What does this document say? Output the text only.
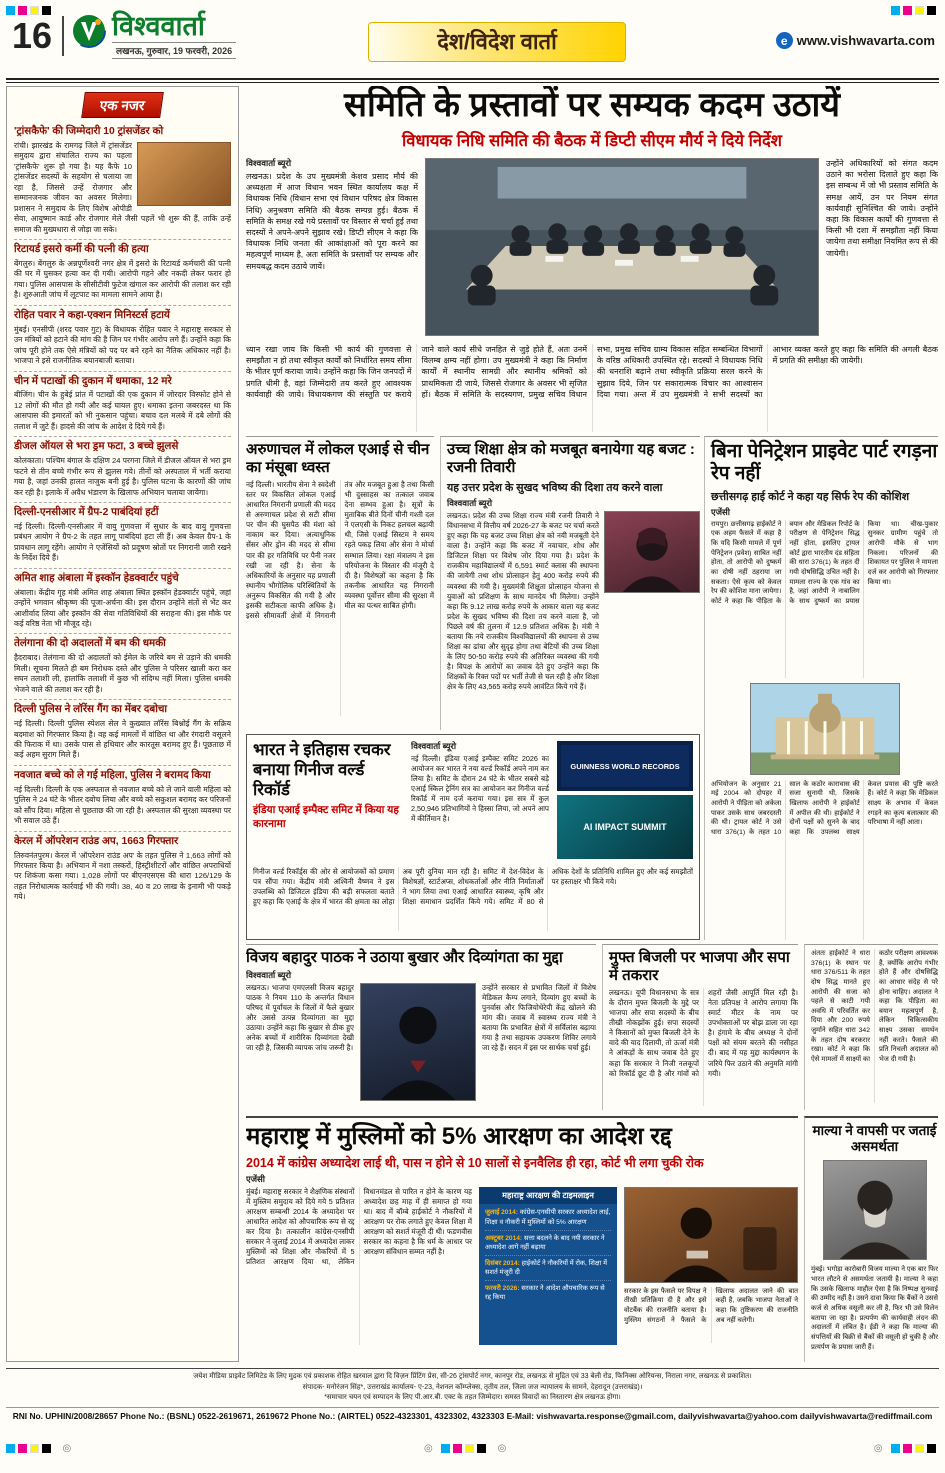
16	विश्ववार्ता
लखनऊ, गुरुवार, 19 फरवरी, 2026	देश/विदेश वार्ता	e www.vishwavarta.com
एक नजर
'ट्रांसकैफे' की जिम्मेदारी 10 ट्रांसजेंडर को

रांची। झारखंड के रामगढ़ जिले में ट्रांसजेंडर समुदाय द्वारा संचालित राज्य का पहला 'ट्रांसकैफे' शुरू हो गया है। यह कैफे 10 ट्रांसजेंडर सदस्यों के सहयोग से चलाया जा रहा है, जिससे उन्हें रोजगार और सम्मानजनक जीवन का अवसर मिलेगा। प्रशासन ने समुदाय के लिए विशेष ओपीडी सेवा, आयुष्मान कार्ड और रोजगार मेले जैसी पहलें भी शुरू की हैं, ताकि उन्हें समाज की मुख्यधारा से जोड़ा जा सके।

रिटायर्ड इसरो कर्मी की पत्नी की हत्या

बेंगलुरु। बेंगलुरु के अन्नपूर्णेश्वरी नगर क्षेत्र में इसरो के रिटायर्ड कर्मचारी की पत्नी की घर में घुसकर हत्या कर दी गयी। आरोपी गहने और नकदी लेकर फरार हो गया। पुलिस आसपास के सीसीटीवी फुटेज खंगाल कर आरोपी की तलाश कर रही है। शुरुआती जांच में लूटपाट का मामला सामने आया है।

रोहित पवार ने कहा-एक्शन मिनिस्टर्स हटायें

मुंबई। एनसीपी (शरद पवार गुट) के विधायक रोहित पवार ने महाराष्ट्र सरकार से उन मंत्रियों को हटाने की मांग की है जिन पर गंभीर आरोप लगे हैं। उन्होंने कहा कि जांच पूरी होने तक ऐसे मंत्रियों को पद पर बने रहने का नैतिक अधिकार नहीं है। भाजपा ने इसे राजनीतिक बयानबाजी बताया।

चीन में पटाखों की दुकान में धमाका, 12 मरे

बीजिंग। चीन के हुबेई प्रांत में पटाखों की एक दुकान में जोरदार विस्फोट होने से 12 लोगों की मौत हो गयी और कई घायल हुए। धमाका इतना जबरदस्त था कि आसपास की इमारतों को भी नुकसान पहुंचा। बचाव दल मलबे में दबे लोगों की तलाश में जुटे हैं। हादसे की जांच के आदेश दे दिये गये हैं।

डीजल ऑयल से भरा ड्रम फटा, 3 बच्चे झुलसे

कोलकाता। पश्चिम बंगाल के दक्षिण 24 परगना जिले में डीजल ऑयल से भरा ड्रम फटने से तीन बच्चे गंभीर रूप से झुलस गये। तीनों को अस्पताल में भर्ती कराया गया है, जहां उनकी हालत नाजुक बनी हुई है। पुलिस घटना के कारणों की जांच कर रही है। इलाके में अवैध भंडारण के खिलाफ अभियान चलाया जायेगा।

दिल्ली-एनसीआर में ग्रैप-2 पाबंदियां हटीं

नई दिल्ली। दिल्ली-एनसीआर में वायु गुणवत्ता में सुधार के बाद वायु गुणवत्ता प्रबंधन आयोग ने ग्रैप-2 के तहत लागू पाबंदियां हटा ली हैं। अब केवल ग्रैप-1 के प्रावधान लागू रहेंगे। आयोग ने एजेंसियों को प्रदूषण स्रोतों पर निगरानी जारी रखने के निर्देश दिये हैं।

अमित शाह अंबाला में इस्कॉन हेडक्वार्टर पहुंचे

अंबाला। केंद्रीय गृह मंत्री अमित शाह अंबाला स्थित इस्कॉन हेडक्वार्टर पहुंचे, जहां उन्होंने भगवान श्रीकृष्ण की पूजा-अर्चना की। इस दौरान उन्होंने संतों से भेंट कर आशीर्वाद लिया और इस्कॉन की सेवा गतिविधियों की सराहना की। इस मौके पर कई वरिष्ठ नेता भी मौजूद रहे।

तेलंगाना की दो अदालतों में बम की धमकी

हैदराबाद। तेलंगाना की दो अदालतों को ईमेल के जरिये बम से उड़ाने की धमकी मिली। सूचना मिलते ही बम निरोधक दस्ते और पुलिस ने परिसर खाली करा कर सघन तलाशी ली, हालांकि तलाशी में कुछ भी संदिग्ध नहीं मिला। पुलिस धमकी भेजने वाले की तलाश कर रही है।

दिल्ली पुलिस ने लॉरेंस गैंग का मेंबर दबोचा

नई दिल्ली। दिल्ली पुलिस स्पेशल सेल ने कुख्यात लॉरेंस बिश्नोई गैंग के सक्रिय बदमाश को गिरफ्तार किया है। वह कई मामलों में वांछित था और रंगदारी वसूलने की फिराक में था। उसके पास से हथियार और कारतूस बरामद हुए हैं। पूछताछ में कई अहम सुराग मिले हैं।

नवजात बच्चे को ले गई महिला, पुलिस ने बरामद किया

नई दिल्ली। दिल्ली के एक अस्पताल से नवजात बच्चे को ले जाने वाली महिला को पुलिस ने 24 घंटे के भीतर दबोच लिया और बच्चे को सकुशल बरामद कर परिजनों को सौंप दिया। महिला से पूछताछ की जा रही है। अस्पताल की सुरक्षा व्यवस्था पर भी सवाल उठे हैं।

केरल में ऑपरेशन राउंड अप, 1663 गिरफ्तार

तिरुवनंतपुरम। केरल में 'ऑपरेशन राउंड अप' के तहत पुलिस ने 1,663 लोगों को गिरफ्तार किया है। अभियान में नशा तस्करों, हिस्ट्रीशीटरों और वांछित अपराधियों पर शिकंजा कसा गया। 1,028 लोगों पर बीएनएसएस की धारा 126/129 के तहत निरोधात्मक कार्रवाई भी की गयी। 38, 40 व 20 लाख के इनामी भी पकड़े गये।

समिति के प्रस्तावों पर सम्यक कदम उठायें
विधायक निधि समिति की बैठक में डिप्टी सीएम मौर्य ने दिये निर्देश
विश्ववार्ता ब्यूरो

लखनऊ। प्रदेश के उप मुख्यमंत्री केशव प्रसाद मौर्य की अध्यक्षता में आज विधान भवन स्थित कार्यालय कक्ष में विधायक निधि (विधान सभा एवं विधान परिषद क्षेत्र विकास निधि) अनुश्रवण समिति की बैठक सम्पन्न हुई। बैठक में समिति के समक्ष रखे गये प्रस्तावों पर विस्तार से चर्चा हुई तथा सदस्यों ने अपने-अपने सुझाव रखे। डिप्टी सीएम ने कहा कि विधायक निधि जनता की आकांक्षाओं को पूरा करने का महत्वपूर्ण माध्यम है, अतः समिति के प्रस्तावों पर सम्यक और समयबद्ध कदम उठाये जायें।

उन्होंने अधिकारियों को संगत कदम उठाने का भरोसा दिलाते हुए कहा कि इस सम्बन्ध में जो भी प्रस्ताव समिति के समक्ष आयें, उन पर नियम संगत कार्यवाही सुनिश्चित की जाये। उन्होंने कहा कि विकास कार्यों की गुणवत्ता से किसी भी दशा में समझौता नहीं किया जायेगा तथा समीक्षा नियमित रूप से की जायेगी।

ध्यान रखा जाय कि किसी भी कार्य की गुणवत्ता से समझौता न हो तथा स्वीकृत कार्यों को निर्धारित समय सीमा के भीतर पूर्ण कराया जाये। उन्होंने कहा कि जिन जनपदों में प्रगति धीमी है, वहां जिम्मेदारी तय करते हुए आवश्यक कार्यवाही की जाये। विधायकगण की संस्तुति पर कराये जाने वाले कार्य सीधे जनहित से जुड़े होते हैं, अतः उनमें विलम्ब क्षम्य नहीं होगा। उप मुख्यमंत्री ने कहा कि निर्माण कार्यों में स्थानीय सामग्री और स्थानीय श्रमिकों को प्राथमिकता दी जाये, जिससे रोजगार के अवसर भी सृजित हों। बैठक में समिति के सदस्यगण, प्रमुख सचिव विधान सभा, प्रमुख सचिव ग्राम्य विकास सहित सम्बन्धित विभागों के वरिष्ठ अधिकारी उपस्थित रहे। सदस्यों ने विधायक निधि की धनराशि बढ़ाने तथा स्वीकृति प्रक्रिया सरल करने के सुझाव दिये, जिन पर सकारात्मक विचार का आश्वासन दिया गया। अन्त में उप मुख्यमंत्री ने सभी सदस्यों का आभार व्यक्त करते हुए कहा कि समिति की अगली बैठक में प्रगति की समीक्षा की जायेगी।

अरुणाचल में लोकल एआई से चीन का मंसूबा ध्वस्त

नई दिल्ली। भारतीय सेना ने स्वदेशी स्तर पर विकसित लोकल एआई आधारित निगरानी प्रणाली की मदद से अरुणाचल प्रदेश से सटी सीमा पर चीन की घुसपैठ की मंशा को नाकाम कर दिया। अत्याधुनिक सेंसर और ड्रोन की मदद से सीमा पार की हर गतिविधि पर पैनी नजर रखी जा रही है। सेना के अधिकारियों के अनुसार यह प्रणाली स्थानीय भौगोलिक परिस्थितियों के अनुरूप विकसित की गयी है और इसकी सटीकता काफी अधिक है। इससे सीमावर्ती क्षेत्रों में निगरानी तंत्र और मजबूत हुआ है तथा किसी भी दुस्साहस का तत्काल जवाब देना सम्भव हुआ है। सूत्रों के मुताबिक बीते दिनों चीनी गश्ती दल ने एलएसी के निकट हलचल बढ़ायी थी, जिसे एआई सिस्टम ने समय रहते पकड़ लिया और सेना ने मोर्चा सम्भाल लिया। रक्षा मंत्रालय ने इस परियोजना के विस्तार की मंजूरी दे दी है। विशेषज्ञों का कहना है कि तकनीक आधारित यह निगरानी व्यवस्था पूर्वोत्तर सीमा की सुरक्षा में मील का पत्थर साबित होगी।

उच्च शिक्षा क्षेत्र को मजबूत बनायेगा यह बजट : रजनी तिवारी
यह उत्तर प्रदेश के सुखद भविष्य की दिशा तय करने वाला
विश्ववार्ता ब्यूरो

लखनऊ। प्रदेश की उच्च शिक्षा राज्य मंत्री रजनी तिवारी ने विधानसभा में वित्तीय वर्ष 2026-27 के बजट पर चर्चा करते हुए कहा कि यह बजट उच्च शिक्षा क्षेत्र को नयी मजबूती देने वाला है। उन्होंने कहा कि बजट में नवाचार, शोध और डिजिटल शिक्षा पर विशेष जोर दिया गया है। प्रदेश के राजकीय महाविद्यालयों में 6,591 स्मार्ट क्लास की स्थापना की जायेगी तथा शोध प्रोत्साहन हेतु 400 करोड़ रुपये की व्यवस्था की गयी है। मुख्यमंत्री शिक्षुता प्रोत्साहन योजना से युवाओं को प्रशिक्षण के साथ मानदेय भी मिलेगा। उन्होंने कहा कि 9.12 लाख करोड़ रुपये के आकार वाला यह बजट प्रदेश के सुखद भविष्य की दिशा तय करने वाला है, जो पिछले वर्ष की तुलना में 12.9 प्रतिशत अधिक है। मंत्री ने बताया कि नये राजकीय विश्वविद्यालयों की स्थापना से उच्च शिक्षा का ढांचा और सुदृढ़ होगा तथा बेटियों की उच्च शिक्षा के लिए 50-50 करोड़ रुपये की अतिरिक्त व्यवस्था की गयी है। विपक्ष के आरोपों का जवाब देते हुए उन्होंने कहा कि शिक्षकों के रिक्त पदों पर भर्ती तेजी से चल रही है और शिक्षा क्षेत्र के लिए 43,565 करोड़ रुपये आवंटित किये गये हैं।

बिना पेनिट्रेशन प्राइवेट पार्ट रगड़ना रेप नहीं
छत्तीसगढ़ हाई कोर्ट ने कहा यह सिर्फ रेप की कोशिश
एजेंसी

रायपुर। छत्तीसगढ़ हाईकोर्ट ने एक अहम फैसले में कहा है कि यदि किसी मामले में पूर्ण पेनिट्रेशन (प्रवेश) साबित नहीं होता, तो आरोपी को दुष्कर्म का दोषी नहीं ठहराया जा सकता। ऐसे कृत्य को केवल रेप की कोशिश माना जायेगा। कोर्ट ने कहा कि पीड़िता के बयान और मेडिकल रिपोर्ट के परीक्षण से पेनिट्रेशन सिद्ध नहीं होता, इसलिए ट्रायल कोर्ट द्वारा भारतीय दंड संहिता की धारा 376(1) के तहत दी गयी दोषसिद्धि उचित नहीं है। मामला राज्य के एक गांव का है, जहां आरोपी ने नाबालिग के साथ दुष्कर्म का प्रयास किया था। चीख-पुकार सुनकर ग्रामीण पहुंचे तो आरोपी मौके से भाग निकला। परिजनों की शिकायत पर पुलिस ने मामला दर्ज कर आरोपी को गिरफ्तार किया था।

अभियोजन के अनुसार 21 मई 2004 को दोपहर में आरोपी ने पीड़िता को अकेला पाकर उसके साथ जबरदस्ती की थी। ट्रायल कोर्ट ने उसे धारा 376(1) के तहत 10 साल के कठोर कारावास की सजा सुनायी थी, जिसके खिलाफ आरोपी ने हाईकोर्ट में अपील की थी। हाईकोर्ट ने दोनों पक्षों को सुनने के बाद कहा कि उपलब्ध साक्ष्य केवल प्रयास की पुष्टि करते हैं। कोर्ट ने कहा कि मेडिकल साक्ष्य के अभाव में केवल रगड़ने का कृत्य बलात्कार की परिभाषा में नहीं आता।

भारत ने इतिहास रचकर बनाया गिनीज वर्ल्ड रिकॉर्ड
इंडिया एआई इम्पैक्ट समिट में किया यह कारनामा
विश्ववार्ता ब्यूरो

नई दिल्ली। इंडिया एआई इम्पैक्ट समिट 2026 का आयोजन कर भारत ने नया वर्ल्ड रिकॉर्ड अपने नाम कर लिया है। समिट के दौरान 24 घंटे के भीतर सबसे बड़े एआई स्किल ट्रेनिंग सत्र का आयोजन कर गिनीज वर्ल्ड रिकॉर्ड में नाम दर्ज कराया गया। इस सत्र में कुल 2,50,946 प्रतिभागियों ने हिस्सा लिया, जो अपने आप में कीर्तिमान है।

GUINNESS WORLD RECORDS
AI IMPACT SUMMIT

गिनीज वर्ल्ड रिकॉर्ड्स की ओर से आयोजकों को प्रमाण पत्र सौंपा गया। केंद्रीय मंत्री अश्विनी वैष्णव ने इस उपलब्धि को डिजिटल इंडिया की बड़ी सफलता बताते हुए कहा कि एआई के क्षेत्र में भारत की क्षमता का लोहा अब पूरी दुनिया मान रही है। समिट में देश-विदेश के विशेषज्ञों, स्टार्टअप्स, शोधकर्ताओं और नीति निर्माताओं ने भाग लिया तथा एआई आधारित स्वास्थ्य, कृषि और शिक्षा समाधान प्रदर्शित किये गये। समिट में 80 से अधिक देशों के प्रतिनिधि शामिल हुए और कई समझौतों पर हस्ताक्षर भी किये गये।

विजय बहादुर पाठक ने उठाया बुखार और दिव्यांगता का मुद्दा
विश्ववार्ता ब्यूरो

लखनऊ। भाजपा एमएलसी विजय बहादुर पाठक ने नियम 110 के अन्तर्गत विधान परिषद में पूर्वांचल के जिलों में फैले बुखार और उससे उत्पन्न दिव्यांगता का मुद्दा उठाया। उन्होंने कहा कि बुखार से ठीक हुए अनेक बच्चों में शारीरिक दिव्यांगता देखी जा रही है, जिसकी व्यापक जांच जरूरी है।

उन्होंने सरकार से प्रभावित जिलों में विशेष मेडिकल कैम्प लगाने, दिव्यांग हुए बच्चों के पुनर्वास और फिजियोथेरेपी केंद्र खोलने की मांग की। जवाब में स्वास्थ्य राज्य मंत्री ने बताया कि प्रभावित क्षेत्रों में सर्विलांस बढ़ाया गया है तथा सहायक उपकरण शिविर लगाये जा रहे हैं। सदन में इस पर सार्थक चर्चा हुई।

मुफ्त बिजली पर भाजपा और सपा में तकरार

लखनऊ। यूपी विधानसभा के सत्र के दौरान मुफ्त बिजली के मुद्दे पर भाजपा और सपा सदस्यों के बीच तीखी नोकझोंक हुई। सपा सदस्यों ने किसानों को मुफ्त बिजली देने के वादे की याद दिलायी, तो ऊर्जा मंत्री ने आंकड़ों के साथ जवाब देते हुए कहा कि सरकार ने निजी नलकूपों को रिकॉर्ड छूट दी है और गांवों को शहरों जैसी आपूर्ति मिल रही है। नेता प्रतिपक्ष ने आरोप लगाया कि स्मार्ट मीटर के नाम पर उपभोक्ताओं पर बोझ डाला जा रहा है। हंगामे के बीच अध्यक्ष ने दोनों पक्षों को संयम बरतने की नसीहत दी। बाद में यह मुद्दा कार्यस्थगन के जरिये फिर उठाने की अनुमति मांगी गयी।

अंततः हाईकोर्ट ने धारा 376(1) के स्थान पर धारा 376/511 के तहत दोष सिद्ध मानते हुए आरोपी की सजा को पहले से काटी गयी अवधि में परिवर्तित कर दिया और 200 रुपये जुर्माने सहित धारा 342 के तहत दोष बरकरार रखा। कोर्ट ने कहा कि ऐसे मामलों में साक्ष्यों का कठोर परीक्षण आवश्यक है, क्योंकि आरोप गंभीर होते हैं और दोषसिद्धि का आधार संदेह से परे होना चाहिए। अदालत ने कहा कि पीड़िता का बयान महत्वपूर्ण है, लेकिन चिकित्सकीय साक्ष्य उसका समर्थन नहीं करते। फैसले की प्रति निचली अदालत को भेज दी गयी है।

महाराष्ट्र में मुस्लिमों को 5% आरक्षण का आदेश रद्द
2014 में कांग्रेस अध्यादेश लाई थी, पास न होने से 10 सालों से इनवैलिड ही रहा, कोर्ट भी लगा चुकी रोक
एजेंसी

मुंबई। महाराष्ट्र सरकार ने शैक्षणिक संस्थानों में मुस्लिम समुदाय को दिये गये 5 प्रतिशत आरक्षण सम्बन्धी 2014 के अध्यादेश पर आधारित आदेश को औपचारिक रूप से रद्द कर दिया है। तत्कालीन कांग्रेस-एनसीपी सरकार ने जुलाई 2014 में अध्यादेश लाकर मुस्लिमों को शिक्षा और नौकरियों में 5 प्रतिशत आरक्षण दिया था, लेकिन विधानमंडल से पारित न होने के कारण यह अध्यादेश छह माह में ही समाप्त हो गया था। बाद में बॉम्बे हाईकोर्ट ने नौकरियों में आरक्षण पर रोक लगाते हुए केवल शिक्षा में आरक्षण को सशर्त मंजूरी दी थी। फडणवीस सरकार का कहना है कि धर्म के आधार पर आरक्षण संविधान सम्मत नहीं है।

महाराष्ट्र आरक्षण की टाइमलाइन
जुलाई 2014: कांग्रेस-एनसीपी सरकार अध्यादेश लाई, शिक्षा व नौकरी में मुस्लिमों को 5% आरक्षण
अक्टूबर 2014: सत्ता बदलने के बाद नयी सरकार ने अध्यादेश आगे नहीं बढ़ाया
दिसंबर 2014: हाईकोर्ट ने नौकरियों में रोक, शिक्षा में सशर्त मंजूरी दी
फरवरी 2026: सरकार ने आदेश औपचारिक रूप से रद्द किया

सरकार के इस फैसले पर विपक्ष ने तीखी प्रतिक्रिया दी है और इसे वोटबैंक की राजनीति बताया है। मुस्लिम संगठनों ने फैसले के खिलाफ अदालत जाने की बात कही है, जबकि भाजपा नेताओं ने कहा कि तुष्टिकरण की राजनीति अब नहीं चलेगी।

माल्या ने वापसी पर जताई असमर्थता

मुंबई। भगोड़ा कारोबारी विजय माल्या ने एक बार फिर भारत लौटने से असमर्थता जतायी है। माल्या ने कहा कि उसके खिलाफ माहौल ऐसा है कि निष्पक्ष सुनवाई की उम्मीद नहीं है। उसने दावा किया कि बैंकों ने उससे कर्ज से अधिक वसूली कर ली है, फिर भी उसे विलेन बताया जा रहा है। प्रत्यर्पण की कार्यवाही लंदन की अदालतों में लंबित है। ईडी ने कहा कि माल्या की संपत्तियों की बिक्री से बैंकों की वसूली हो चुकी है और प्रत्यर्पण के प्रयास जारी हैं।

जयेश मीडिया प्राइवेट लिमिटेड के लिए मुद्रक एवं प्रकाशक रोहित खरवाल द्वारा दि विज़न प्रिंटिंग प्रेस, सी-26 ट्रांसपोर्ट नगर, कानपुर रोड, लखनऊ से मुद्रित एवं 33 बेली रोड, फिनिक्स ओरियन्स, निराला नगर, लखनऊ से प्रकाशित।

संपादक- मनोरंजन सिंह*, उत्तराखंड कार्यालय- ए-23, नेशनल कॉम्प्लेक्स, तृतीय तल, जिला जज न्यायालय के सामने, देहरादून (उत्तराखंड)।

*समाचार चयन एवं सम्पादन के लिए पी.आर.बी. एक्ट के तहत जिम्मेदार। समस्त विवादों का निस्तारण क्षेत्र लखनऊ होगा।

RNI No. UPHIN/2008/28657 Phone No.: (BSNL) 0522-2619671, 2619672 Phone No.: (AIRTEL) 0522-4323301, 4323302, 4323303 E-Mail: vishwavarta.response@gmail.com, dailyvishwavarta@yahoo.com dailyvishwavarta@rediffmail.com

◎	◎	◎	◎
